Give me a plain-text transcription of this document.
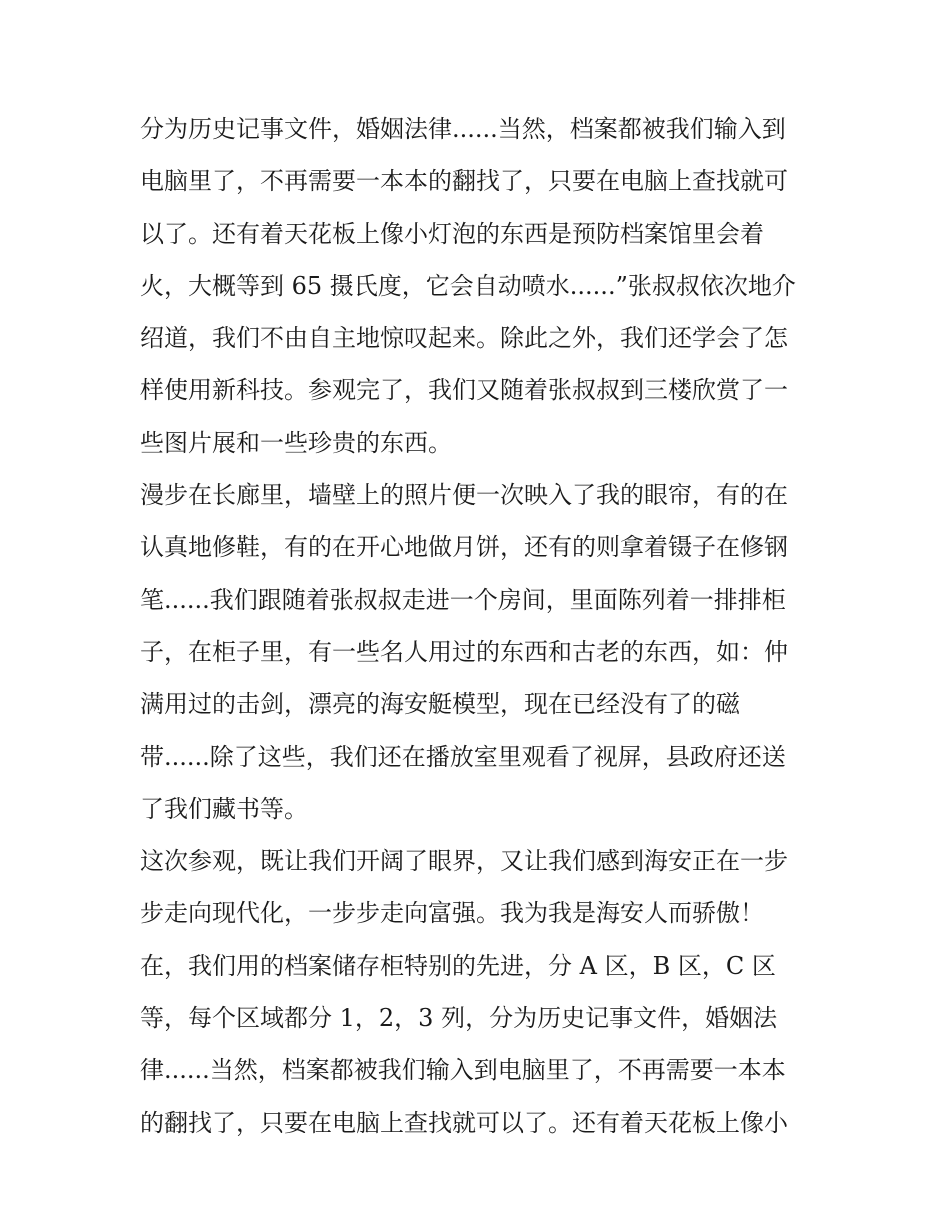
分为历史记事文件，婚姻法律......当然，档案都被我们输入到
电脑里了，不再需要一本本的翻找了，只要在电脑上查找就可
以了。还有着天花板上像小灯泡的东西是预防档案馆里会着
火，大概等到 65 摄氏度，它会自动喷水......”张叔叔依次地介
绍道，我们不由自主地惊叹起来。除此之外，我们还学会了怎
样使用新科技。参观完了，我们又随着张叔叔到三楼欣赏了一
些图片展和一些珍贵的东西。
漫步在长廊里，墙壁上的照片便一次映入了我的眼帘，有的在
认真地修鞋，有的在开心地做月饼，还有的则拿着镊子在修钢
笔......我们跟随着张叔叔走进一个房间，里面陈列着一排排柜
子，在柜子里，有一些名人用过的东西和古老的东西，如：仲
满用过的击剑，漂亮的海安艇模型，现在已经没有了的磁
带......除了这些，我们还在播放室里观看了视屏，县政府还送
了我们藏书等。
这次参观，既让我们开阔了眼界，又让我们感到海安正在一步
步走向现代化，一步步走向富强。我为我是海安人而骄傲！
在，我们用的档案储存柜特别的先进，分 A 区，B 区，C 区
等，每个区域都分 1，2，3 列，分为历史记事文件，婚姻法
律......当然，档案都被我们输入到电脑里了，不再需要一本本
的翻找了，只要在电脑上查找就可以了。还有着天花板上像小
